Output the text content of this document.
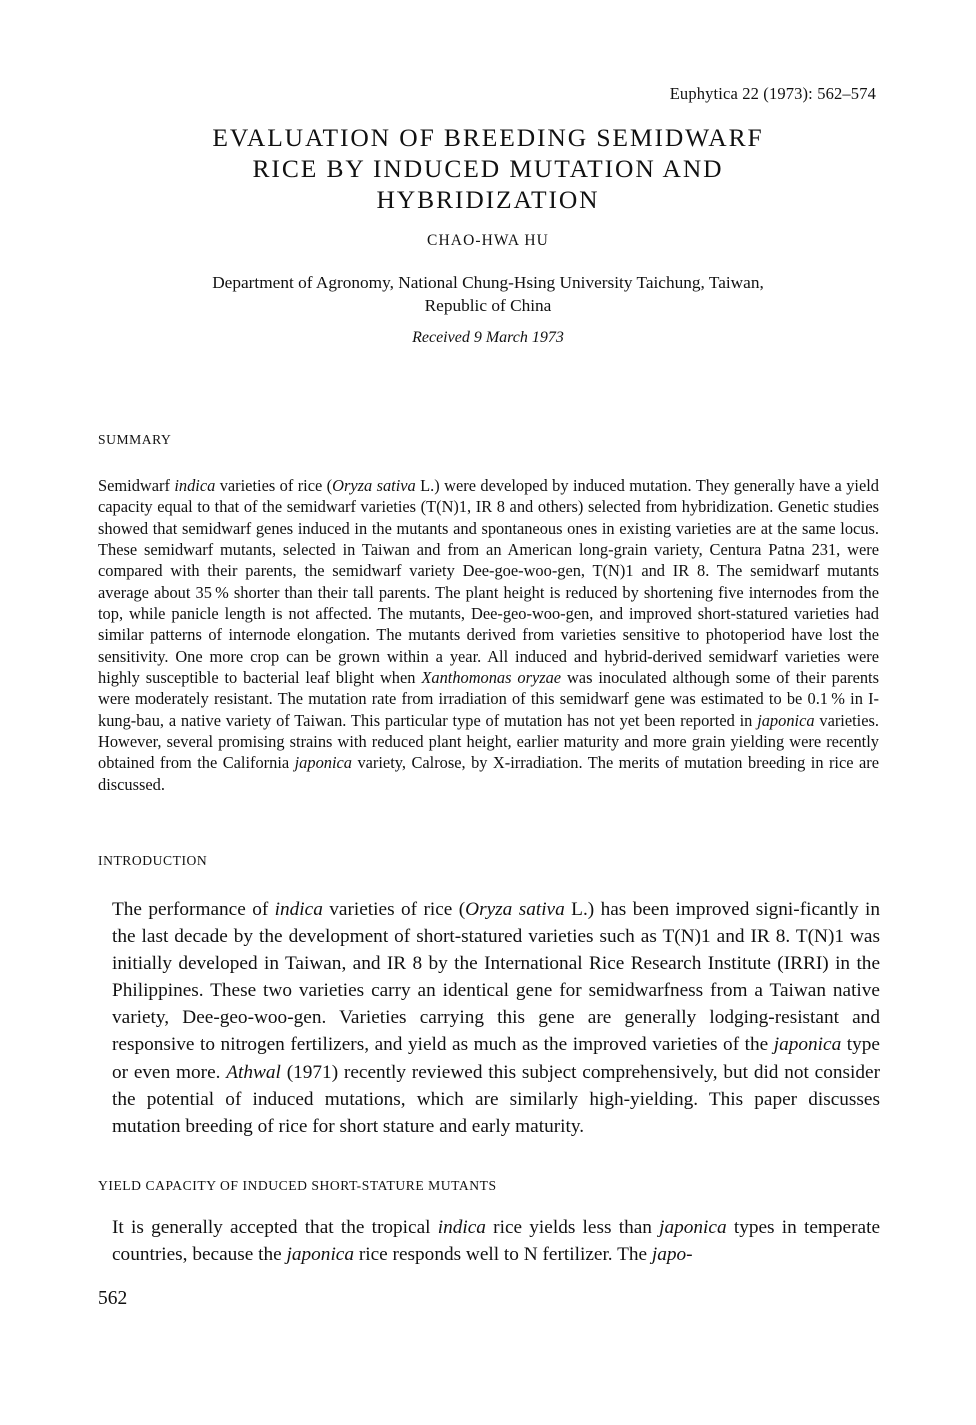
Euphytica 22 (1973): 562–574
EVALUATION OF BREEDING SEMIDWARF
RICE BY INDUCED MUTATION AND
HYBRIDIZATION
CHAO-HWA HU
Department of Agronomy, National Chung-Hsing University Taichung, Taiwan,
Republic of China
Received 9 March 1973
SUMMARY
Semidwarf indica varieties of rice (Oryza sativa L.) were developed by induced mutation. They generally have a yield capacity equal to that of the semidwarf varieties (T(N)1, IR 8 and others) selected from hybridization. Genetic studies showed that semidwarf genes induced in the mutants and spontaneous ones in existing varieties are at the same locus. These semidwarf mutants, selected in Taiwan and from an American long-grain variety, Centura Patna 231, were compared with their parents, the semidwarf variety Dee-goe-woo-gen, T(N)1 and IR 8. The semidwarf mutants average about 35 % shorter than their tall parents. The plant height is reduced by shortening five internodes from the top, while panicle length is not affected. The mutants, Dee-geo-woo-gen, and improved short-statured varieties had similar patterns of internode elongation. The mutants derived from varieties sensitive to photoperiod have lost the sensitivity. One more crop can be grown within a year. All induced and hybrid-derived semidwarf varieties were highly susceptible to bacterial leaf blight when Xanthomonas oryzae was inoculated although some of their parents were moderately resistant. The mutation rate from irradiation of this semidwarf gene was estimated to be 0.1 % in I-kung-bau, a native variety of Taiwan. This particular type of mutation has not yet been reported in japonica varieties. However, several promising strains with reduced plant height, earlier maturity and more grain yielding were recently obtained from the California japonica variety, Calrose, by X-irradiation. The merits of mutation breeding in rice are discussed.
INTRODUCTION
The performance of indica varieties of rice (Oryza sativa L.) has been improved signi-ficantly in the last decade by the development of short-statured varieties such as T(N)1 and IR 8. T(N)1 was initially developed in Taiwan, and IR 8 by the International Rice Research Institute (IRRI) in the Philippines. These two varieties carry an identical gene for semidwarfness from a Taiwan native variety, Dee-geo-woo-gen. Varieties carrying this gene are generally lodging-resistant and responsive to nitrogen fertilizers, and yield as much as the improved varieties of the japonica type or even more. Athwal (1971) recently reviewed this subject comprehensively, but did not consider the potential of induced mutations, which are similarly high-yielding. This paper discusses mutation breeding of rice for short stature and early maturity.
YIELD CAPACITY OF INDUCED SHORT-STATURE MUTANTS
It is generally accepted that the tropical indica rice yields less than japonica types in temperate countries, because the japonica rice responds well to N fertilizer. The japo-
562
